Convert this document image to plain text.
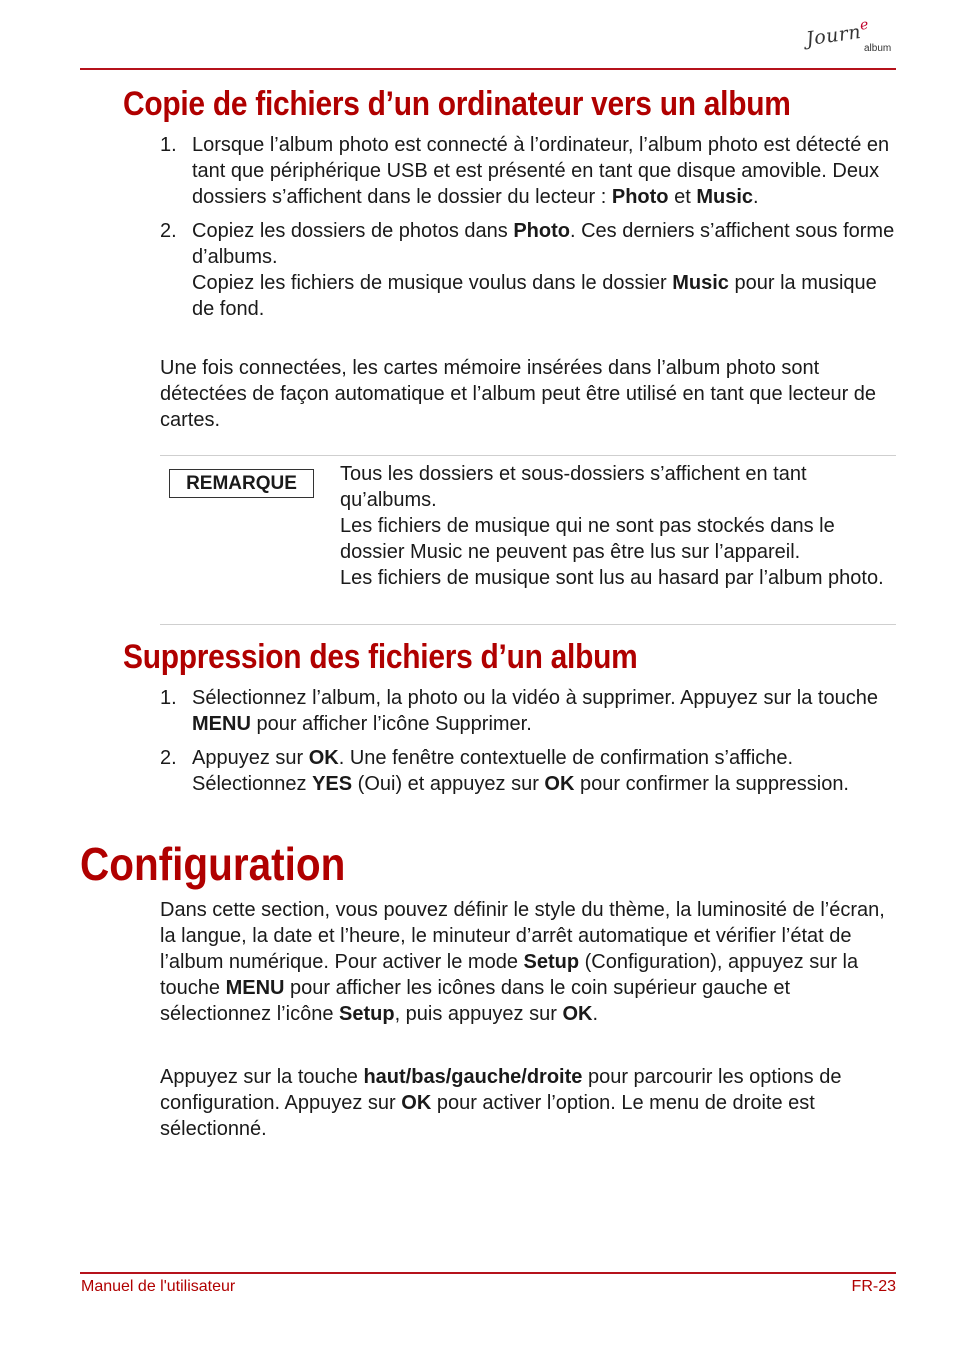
Journ$^e$
album
Copie de fichiers d’un ordinateur vers un album
1. Lorsque l’album photo est connecté à l’ordinateur, l’album photo est détecté en tant que périphérique USB et est présenté en tant que disque amovible. Deux dossiers s’affichent dans le dossier du lecteur : Photo et Music.
2. Copiez les dossiers de photos dans Photo. Ces derniers s’affichent sous forme d’albums.
Copiez les fichiers de musique voulus dans le dossier Music pour la musique de fond.

Une fois connectées, les cartes mémoire insérées dans l’album photo sont détectées de façon automatique et l’album peut être utilisé en tant que lecteur de cartes.

REMARQUE	Tous les dossiers et sous-dossiers s’affichent en tant qu’albums.
Les fichiers de musique qui ne sont pas stockés dans le dossier Music ne peuvent pas être lus sur l’appareil.
Les fichiers de musique sont lus au hasard par l’album photo.
Suppression des fichiers d’un album
1. Sélectionnez l’album, la photo ou la vidéo à supprimer. Appuyez sur la touche MENU pour afficher l’icône Supprimer.
2. Appuyez sur OK. Une fenêtre contextuelle de confirmation s’affiche. Sélectionnez YES (Oui) et appuyez sur OK pour confirmer la suppression.
Configuration

Dans cette section, vous pouvez définir le style du thème, la luminosité de l’écran, la langue, la date et l’heure, le minuteur d’arrêt automatique et vérifier l’état de l’album numérique. Pour activer le mode Setup (Configuration), appuyez sur la touche MENU pour afficher les icônes dans le coin supérieur gauche et sélectionnez l’icône Setup, puis appuyez sur OK.

Appuyez sur la touche haut/bas/gauche/droite pour parcourir les options de configuration. Appuyez sur OK pour activer l’option. Le menu de droite est sélectionné.

Manuel de l'utilisateur	FR-23
